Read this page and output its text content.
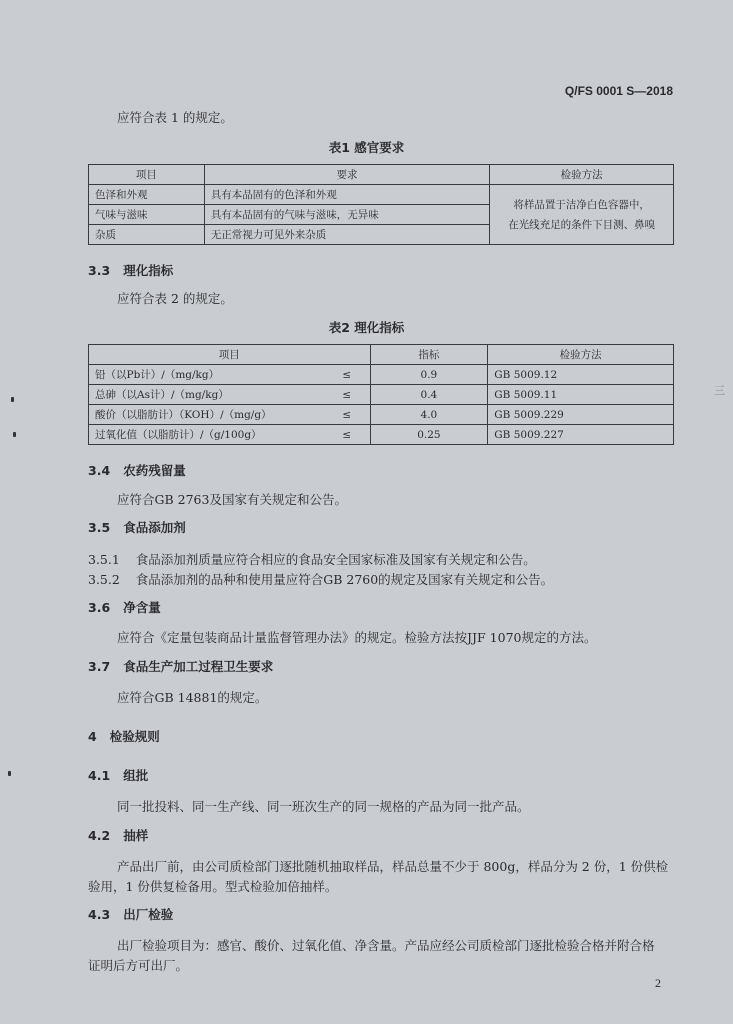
Q/FS 0001 S—2018
应符合表 1 的规定。
表1 感官要求
项目	要求	检验方法
色泽和外观	具有本品固有的色泽和外观	将样品置于洁净白色容器中，
在光线充足的条件下目测、鼻嗅

气味与滋味	具有本品固有的气味与滋味，无异味	
杂质	无正常视力可见外来杂质	
3.3 理化指标
应符合表 2 的规定。
表2 理化指标
项目		指标	检验方法
铅（以Pb计）/（mg/kg）	≤	0.9	GB 5009.12
总砷（以As计）/（mg/kg）	≤	0.4	GB 5009.11
酸价（以脂肪计）（KOH）/（mg/g）	≤	4.0	GB 5009.229
过氧化值（以脂肪计）/（g/100g）	≤	0.25	GB 5009.227
3.4 农药残留量
应符合GB 2763及国家有关规定和公告。
3.5 食品添加剂
3.5.1 食品添加剂质量应符合相应的食品安全国家标准及国家有关规定和公告。
3.5.2 食品添加剂的品种和使用量应符合GB 2760的规定及国家有关规定和公告。
3.6 净含量
应符合《定量包装商品计量监督管理办法》的规定。检验方法按JJF 1070规定的方法。
3.7 食品生产加工过程卫生要求
应符合GB 14881的规定。
4 检验规则
4.1 组批
同一批投料、同一生产线、同一班次生产的同一规格的产品为同一批产品。
4.2 抽样
产品出厂前，由公司质检部门逐批随机抽取样品，样品总量不少于 800g，样品分为 2 份，1 份供检
验用，1 份供复检备用。型式检验加倍抽样。
4.3 出厂检验
出厂检验项目为：感官、酸价、过氧化值、净含量。产品应经公司质检部门逐批检验合格并附合格
证明后方可出厂。
2
三
